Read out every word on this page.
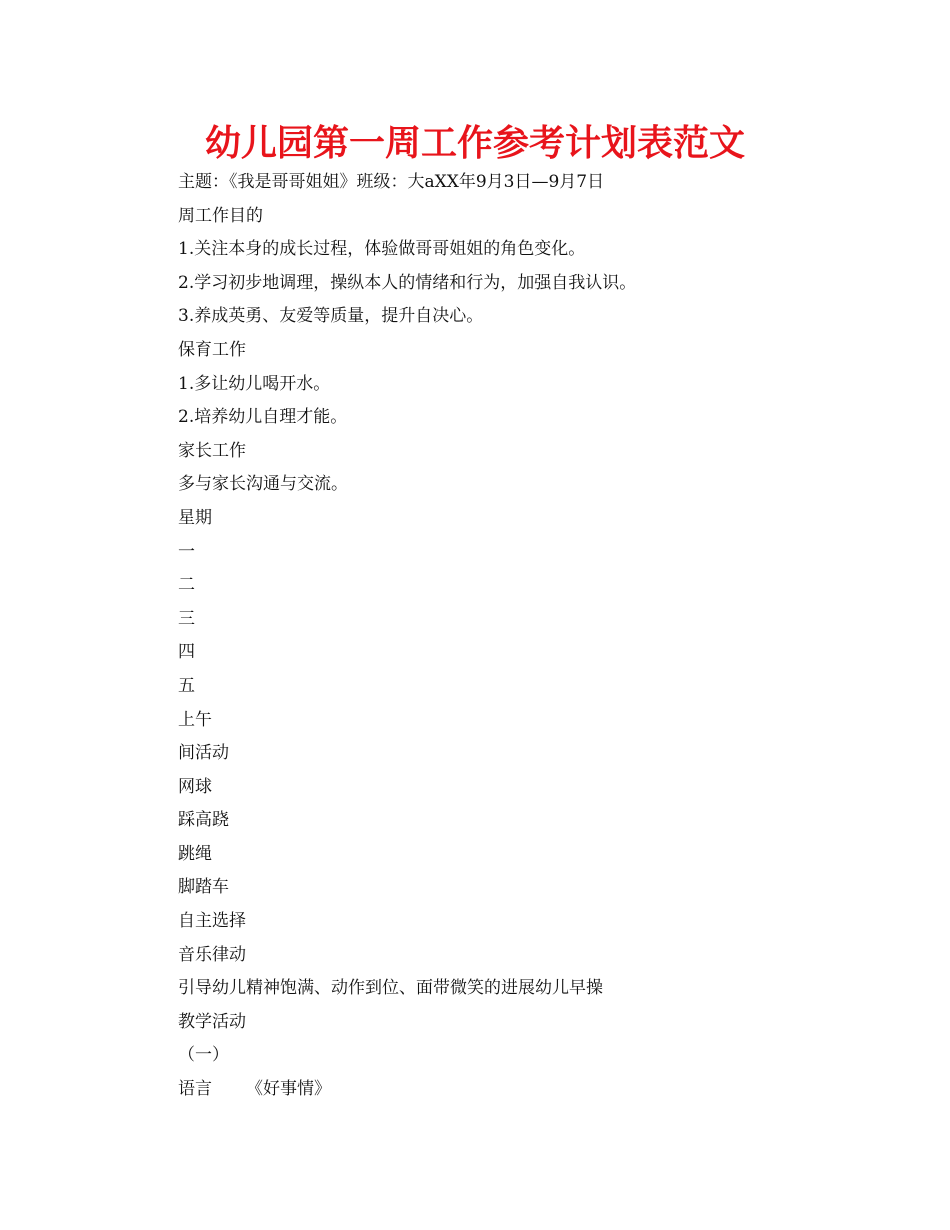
幼儿园第一周工作参考计划表范文

主题：《我是哥哥姐姐》班级：大aXX年9月3日—9月7日

周工作目的

1.关注本身的成长过程，体验做哥哥姐姐的角色变化。

2.学习初步地调理，操纵本人的情绪和行为，加强自我认识。

3.养成英勇、友爱等质量，提升自决心。

保育工作

1.多让幼儿喝开水。

2.培养幼儿自理才能。

家长工作

多与家长沟通与交流。

星期

一

二

三

四

五

上午

间活动

网球

踩高跷

跳绳

脚踏车

自主选择

音乐律动

引导幼儿精神饱满、动作到位、面带微笑的进展幼儿早操

教学活动

（一）

语言 《好事情》
